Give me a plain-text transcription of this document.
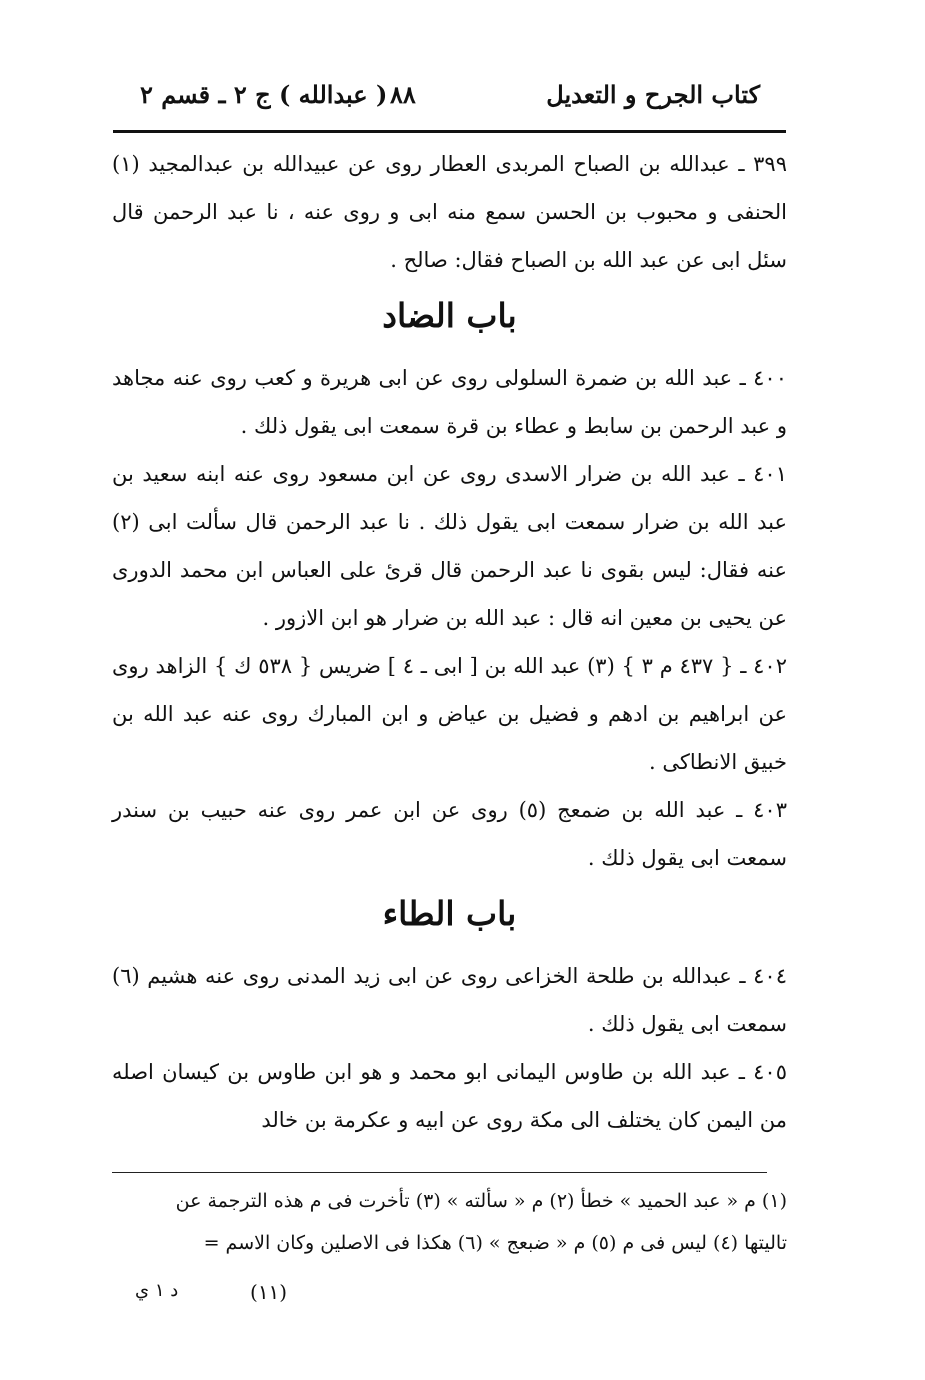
كتاب الجرح و التعديل
٨٨
( عبدالله ) ج ٢ ـ قسم ٢

٣٩٩ ـ عبدالله بن الصباح المربدى العطار روى عن عبيدالله بن عبدالمجيد (١) الحنفى و محبوب بن الحسن سمع منه ابى و روى عنه ، نا عبد الرحمن قال سئل ابى عن عبد الله بن الصباح فقال: صالح .

باب الضاد

٤٠٠ ـ عبد الله بن ضمرة السلولى روى عن ابى هريرة و كعب روى عنه مجاهد و عبد الرحمن بن سابط و عطاء بن قرة سمعت ابى يقول ذلك .

٤٠١ ـ عبد الله بن ضرار الاسدى روى عن ابن مسعود روى عنه ابنه سعيد بن عبد الله بن ضرار سمعت ابى يقول ذلك . نا عبد الرحمن قال سألت ابى (٢) عنه فقال: ليس بقوى نا عبد الرحمن قال قرئ على العباس ابن محمد الدورى عن يحيى بن معين انه قال : عبد الله بن ضرار هو ابن الازور .

٤٠٢ ـ { ٤٣٧ م ٣ } (٣) عبد الله بن [ ابى ـ ٤ ] ضريس { ٥٣٨ ك } الزاهد روى عن ابراهيم بن ادهم و فضيل بن عياض و ابن المبارك روى عنه عبد الله بن خبيق الانطاكى .

٤٠٣ ـ عبد الله بن ضمعج (٥) روى عن ابن عمر روى عنه حبيب بن سندر سمعت ابى يقول ذلك .

باب الطاء

٤٠٤ ـ عبدالله بن طلحة الخزاعى روى عن ابى زيد المدنى روى عنه هشيم (٦) سمعت ابى يقول ذلك .

٤٠٥ ـ عبد الله بن طاوس اليمانى ابو محمد و هو ابن طاوس بن كيسان اصله من اليمن كان يختلف الى مكة روى عن ابيه و عكرمة بن خالد

(١) م « عبد الحميد » خطأ (٢) م « سألته » (٣) تأخرت فى م هذه الترجمة عن
تاليتها (٤) ليس فى م (٥) م « ضبعج » (٦) هكذا فى الاصلين وكان الاسم =
(١١)
د ١ ي
